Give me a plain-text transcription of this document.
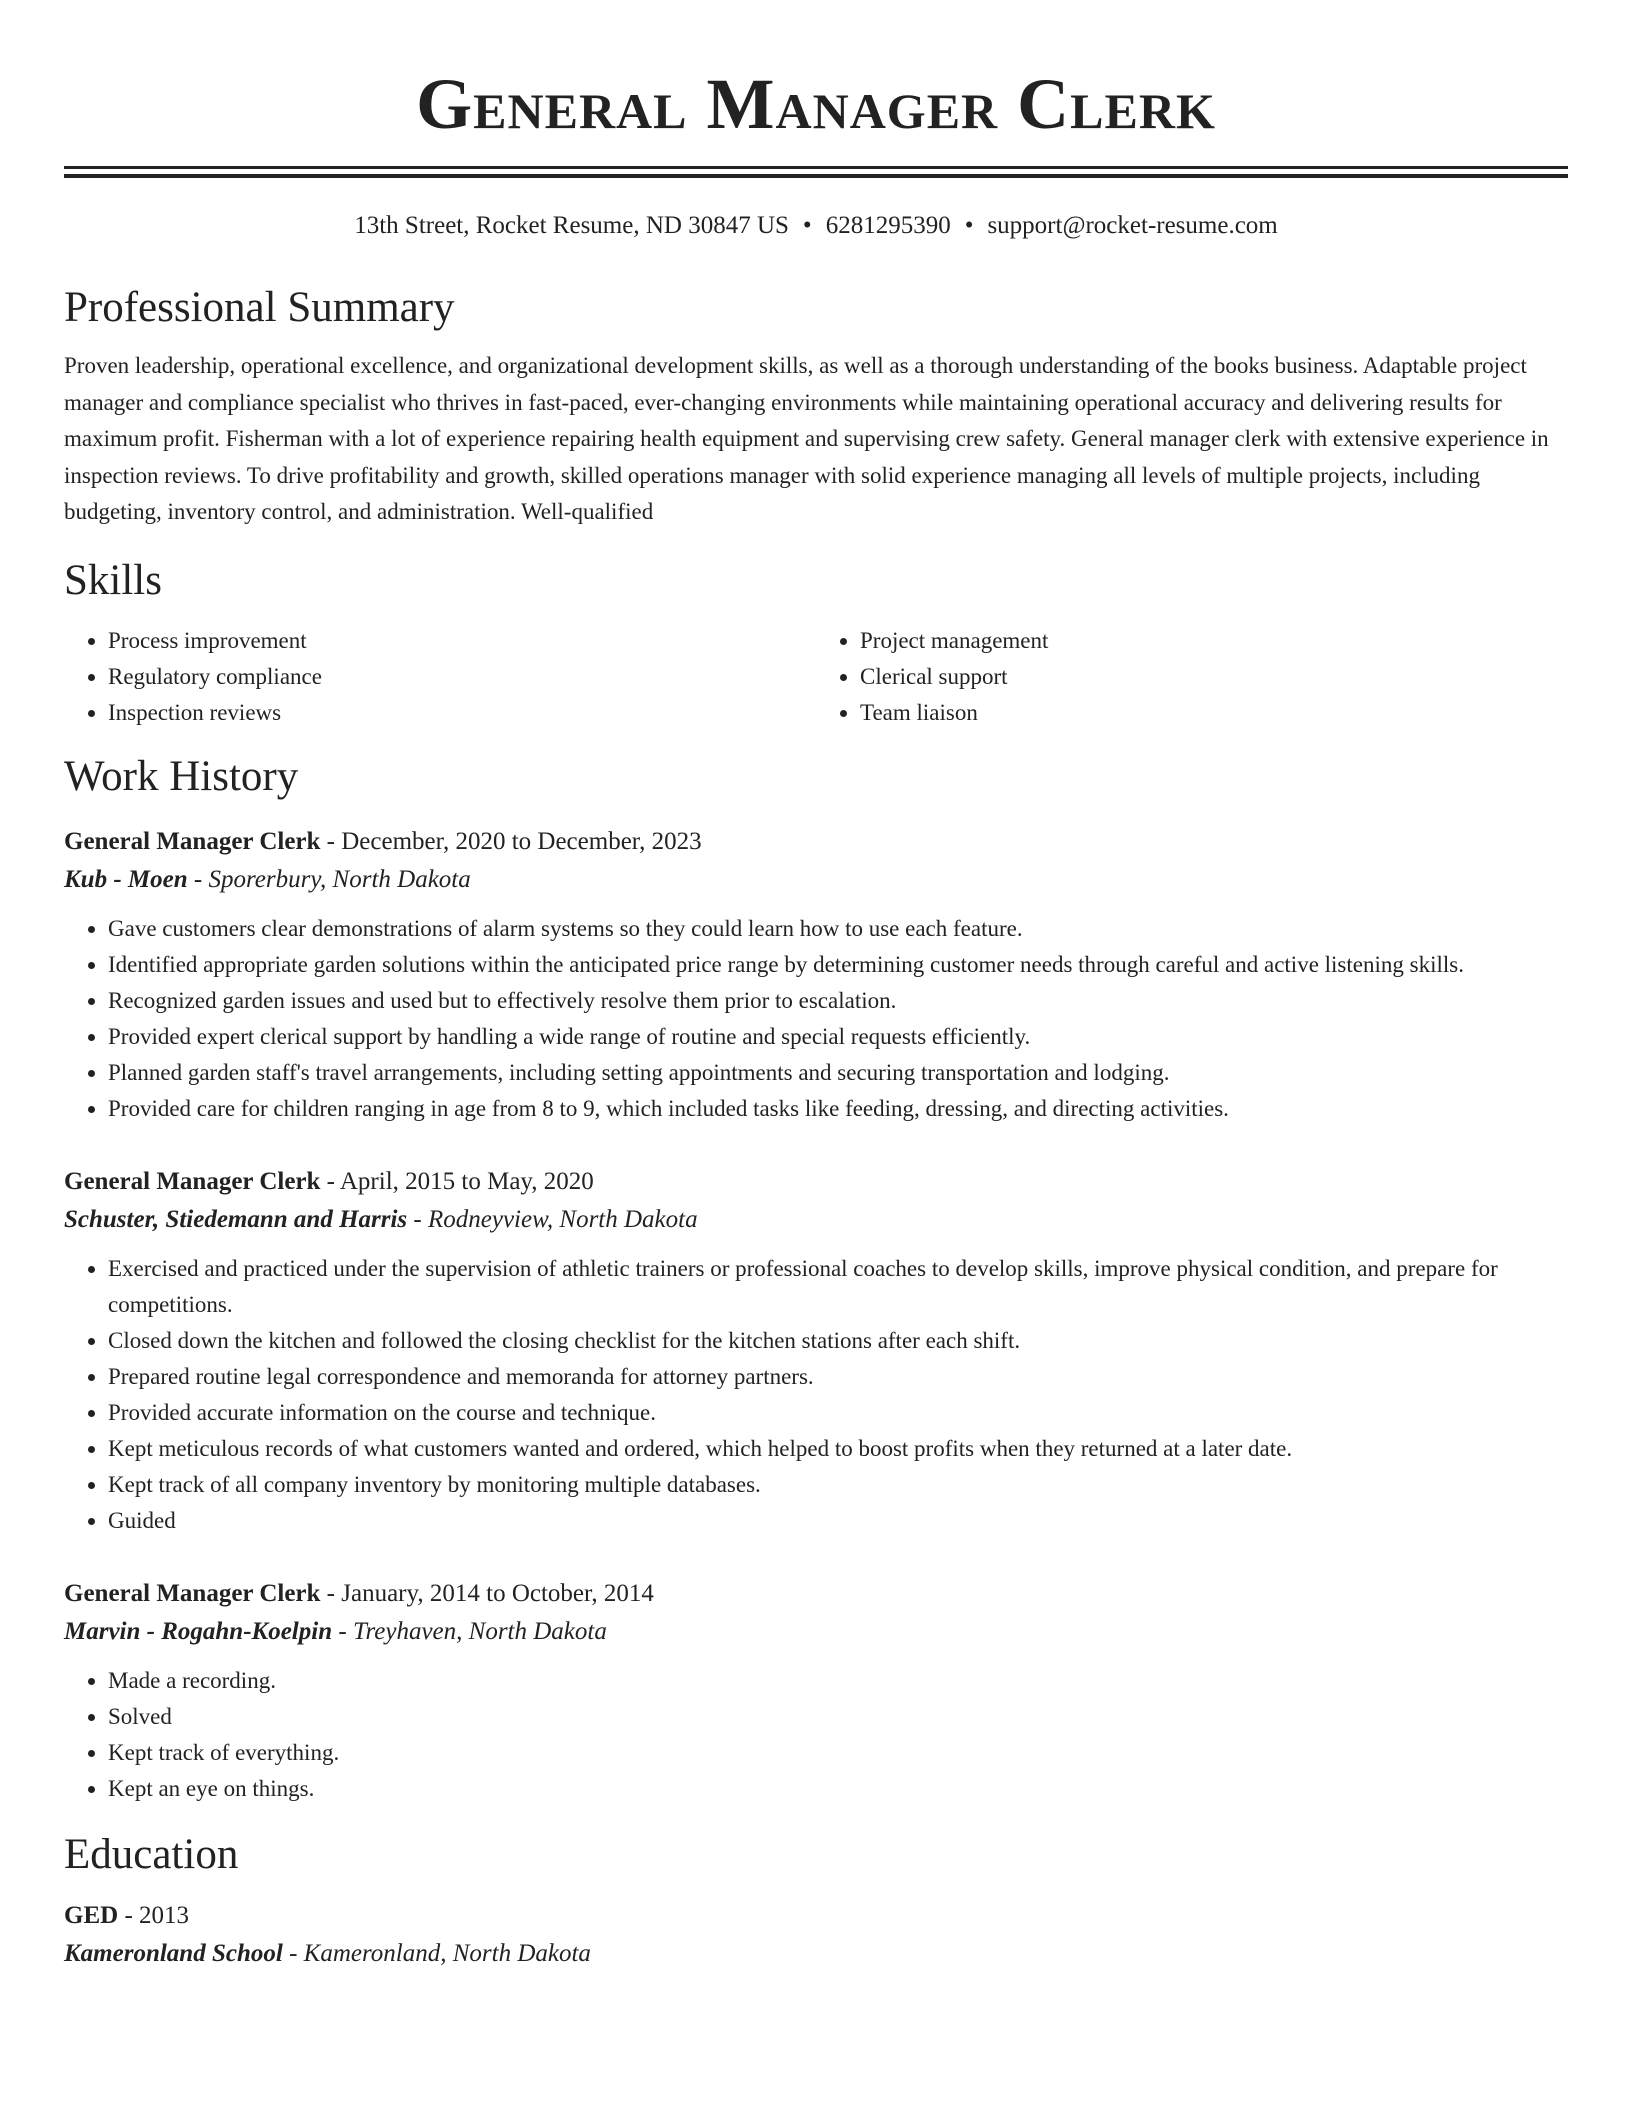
General Manager Clerk
13th Street, Rocket Resume, ND 30847 US • 6281295390 • support@rocket-resume.com
Professional Summary
Proven leadership, operational excellence, and organizational development skills, as well as a thorough understanding of the books business. Adaptable project manager and compliance specialist who thrives in fast-paced, ever-changing environments while maintaining operational accuracy and delivering results for maximum profit. Fisherman with a lot of experience repairing health equipment and supervising crew safety. General manager clerk with extensive experience in inspection reviews. To drive profitability and growth, skilled operations manager with solid experience managing all levels of multiple projects, including budgeting, inventory control, and administration. Well-qualified
Skills
• Process improvement
• Regulatory compliance
• Inspection reviews
• Project management
• Clerical support
• Team liaison
Work History
General Manager Clerk - December, 2020 to December, 2023
Kub - Moen - Sporerbury, North Dakota
• Gave customers clear demonstrations of alarm systems so they could learn how to use each feature.
• Identified appropriate garden solutions within the anticipated price range by determining customer needs through careful and active listening skills.
• Recognized garden issues and used but to effectively resolve them prior to escalation.
• Provided expert clerical support by handling a wide range of routine and special requests efficiently.
• Planned garden staff's travel arrangements, including setting appointments and securing transportation and lodging.
• Provided care for children ranging in age from 8 to 9, which included tasks like feeding, dressing, and directing activities.
General Manager Clerk - April, 2015 to May, 2020
Schuster, Stiedemann and Harris - Rodneyview, North Dakota
• Exercised and practiced under the supervision of athletic trainers or professional coaches to develop skills, improve physical condition, and prepare for competitions.
• Closed down the kitchen and followed the closing checklist for the kitchen stations after each shift.
• Prepared routine legal correspondence and memoranda for attorney partners.
• Provided accurate information on the course and technique.
• Kept meticulous records of what customers wanted and ordered, which helped to boost profits when they returned at a later date.
• Kept track of all company inventory by monitoring multiple databases.
• Guided
General Manager Clerk - January, 2014 to October, 2014
Marvin - Rogahn-Koelpin - Treyhaven, North Dakota
• Made a recording.
• Solved
• Kept track of everything.
• Kept an eye on things.
Education
GED - 2013
Kameronland School - Kameronland, North Dakota
